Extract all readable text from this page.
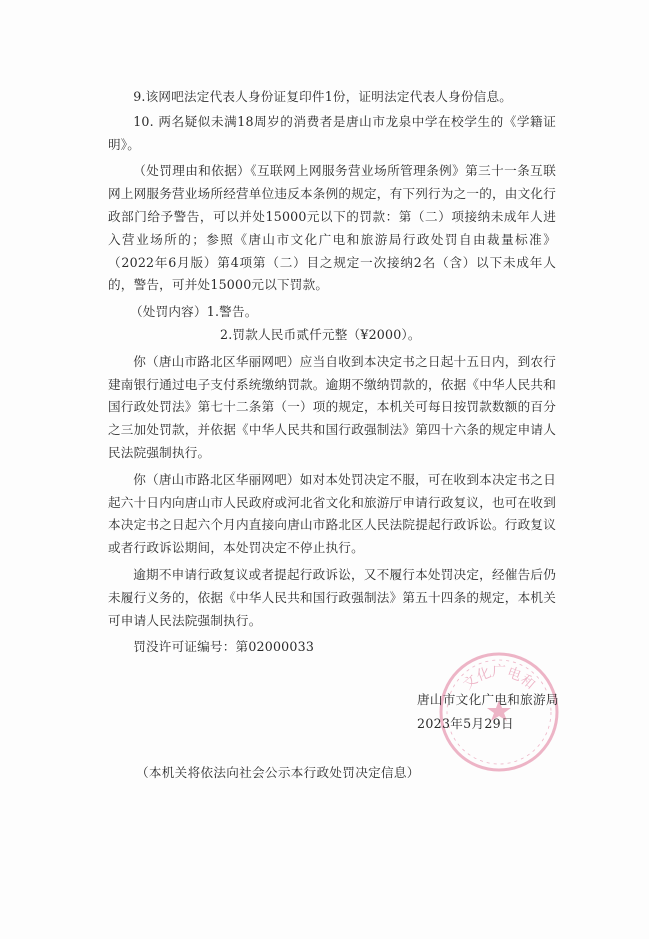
9.该网吧法定代表人身份证复印件1份，证明法定代表人身份信息。

10. 两名疑似未满18周岁的消费者是唐山市龙泉中学在校学生的《学籍证明》。

（处罚理由和依据）《互联网上网服务营业场所管理条例》第三十一条互联网上网服务营业场所经营单位违反本条例的规定，有下列行为之一的，由文化行政部门给予警告，可以并处15000元以下的罚款：第（二）项接纳未成年人进入营业场所的；参照《唐山市文化广电和旅游局行政处罚自由裁量标准》（2022年6月版）第4项第（二）目之规定一次接纳2名（含）以下未成年人的，警告，可并处15000元以下罚款。

（处罚内容）1.警告。

2.罚款人民币贰仟元整（¥2000）。

你（唐山市路北区华丽网吧）应当自收到本决定书之日起十五日内，到农行建南银行通过电子支付系统缴纳罚款。逾期不缴纳罚款的，依据《中华人民共和国行政处罚法》第七十二条第（一）项的规定，本机关可每日按罚款数额的百分之三加处罚款，并依据《中华人民共和国行政强制法》第四十六条的规定申请人民法院强制执行。

你（唐山市路北区华丽网吧）如对本处罚决定不服，可在收到本决定书之日起六十日内向唐山市人民政府或河北省文化和旅游厅申请行政复议，也可在收到本决定书之日起六个月内直接向唐山市路北区人民法院提起行政诉讼。行政复议或者行政诉讼期间，本处罚决定不停止执行。

逾期不申请行政复议或者提起行政诉讼，又不履行本处罚决定，经催告后仍未履行义务的，依据《中华人民共和国行政强制法》第五十四条的规定，本机关可申请人民法院强制执行。

罚没许可证编号：第02000033

文化广电和
唐山市文化广电和旅游局
2023年5月29日
（本机关将依法向社会公示本行政处罚决定信息）
